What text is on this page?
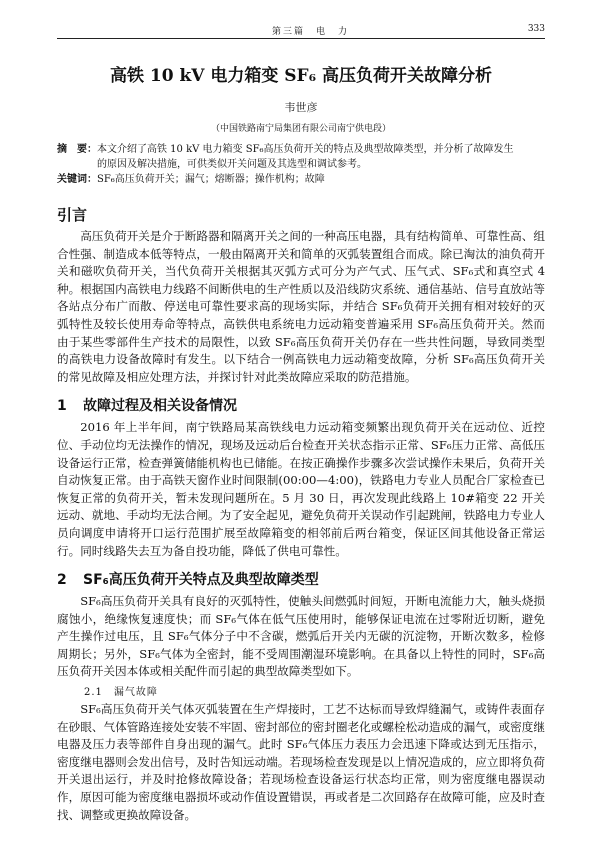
第三篇　电　力	333
高铁 10 kV 电力箱变 SF₆ 高压负荷开关故障分析
韦世彦
（中国铁路南宁局集团有限公司南宁供电段）
摘　要： 本文介绍了高铁 10 kV 电力箱变 SF₆高压负荷开关的特点及典型故障类型，并分析了故障发生的原因及解决措施，可供类似开关问题及其选型和调试参考。
关键词： SF₆高压负荷开关；漏气；熔断器；操作机构；故障
引言
高压负荷开关是介于断路器和隔离开关之间的一种高压电器，具有结构简单、可靠性高、组合性强、制造成本低等特点，一般由隔离开关和简单的灭弧装置组合而成。除已淘汰的油负荷开关和磁吹负荷开关，当代负荷开关根据其灭弧方式可分为产气式、压气式、SF₆式和真空式 4 种。根据国内高铁电力线路不间断供电的生产性质以及沿线防灾系统、通信基站、信号直放站等各站点分布广而散、停送电可靠性要求高的现场实际，并结合 SF₆负荷开关拥有相对较好的灭弧特性及较长使用寿命等特点，高铁供电系统电力远动箱变普遍采用 SF₆高压负荷开关。然而由于某些零部件生产技术的局限性，以致 SF₆高压负荷开关仍存在一些共性问题，导致同类型的高铁电力设备故障时有发生。以下结合一例高铁电力远动箱变故障，分析 SF₆高压负荷开关的常见故障及相应处理方法，并探讨针对此类故障应采取的防范措施。
1 故障过程及相关设备情况
2016 年上半年间，南宁铁路局某高铁线电力远动箱变频繁出现负荷开关在远动位、近控位、手动位均无法操作的情况，现场及远动后台检查开关状态指示正常、SF₆压力正常、高低压设备运行正常，检查弹簧储能机构也已储能。在按正确操作步骤多次尝试操作未果后，负荷开关自动恢复正常。由于高铁天窗作业时间限制(00:00—4:00)，铁路电力专业人员配合厂家检查已恢复正常的负荷开关，暂未发现问题所在。5 月 30 日，再次发现此线路上 10#箱变 22 开关远动、就地、手动均无法合闸。为了安全起见，避免负荷开关误动作引起跳闸，铁路电力专业人员向调度申请将开口运行范围扩展至故障箱变的相邻前后两台箱变，保证区间其他设备正常运行。同时线路失去互为备自投功能，降低了供电可靠性。
2 SF₆高压负荷开关特点及典型故障类型
SF₆高压负荷开关具有良好的灭弧特性，使触头间燃弧时间短，开断电流能力大，触头烧损腐蚀小，绝缘恢复速度快；而 SF₆气体在低气压使用时，能够保证电流在过零附近切断，避免产生操作过电压，且 SF₆气体分子中不含碳，燃弧后开关内无碳的沉淀物，开断次数多，检修周期长；另外，SF₆气体为全密封，能不受周围潮湿环境影响。在具备以上特性的同时，SF₆高压负荷开关因本体或相关配件而引起的典型故障类型如下。
2.1　 漏气故障
SF₆高压负荷开关气体灭弧装置在生产焊接时，工艺不达标而导致焊缝漏气，或铸件表面存在砂眼、气体管路连接处安装不牢固、密封部位的密封圈老化或螺栓松动造成的漏气，或密度继电器及压力表等部件自身出现的漏气。此时 SF₆气体压力表压力会迅速下降或达到无压指示，密度继电器则会发出信号，及时告知远动端。若现场检查发现是以上情况造成的，应立即将负荷开关退出运行，并及时抢修故障设备；若现场检查设备运行状态均正常，则为密度继电器误动作，原因可能为密度继电器损坏或动作值设置错误，再或者是二次回路存在故障可能，应及时查找、调整或更换故障设备。
